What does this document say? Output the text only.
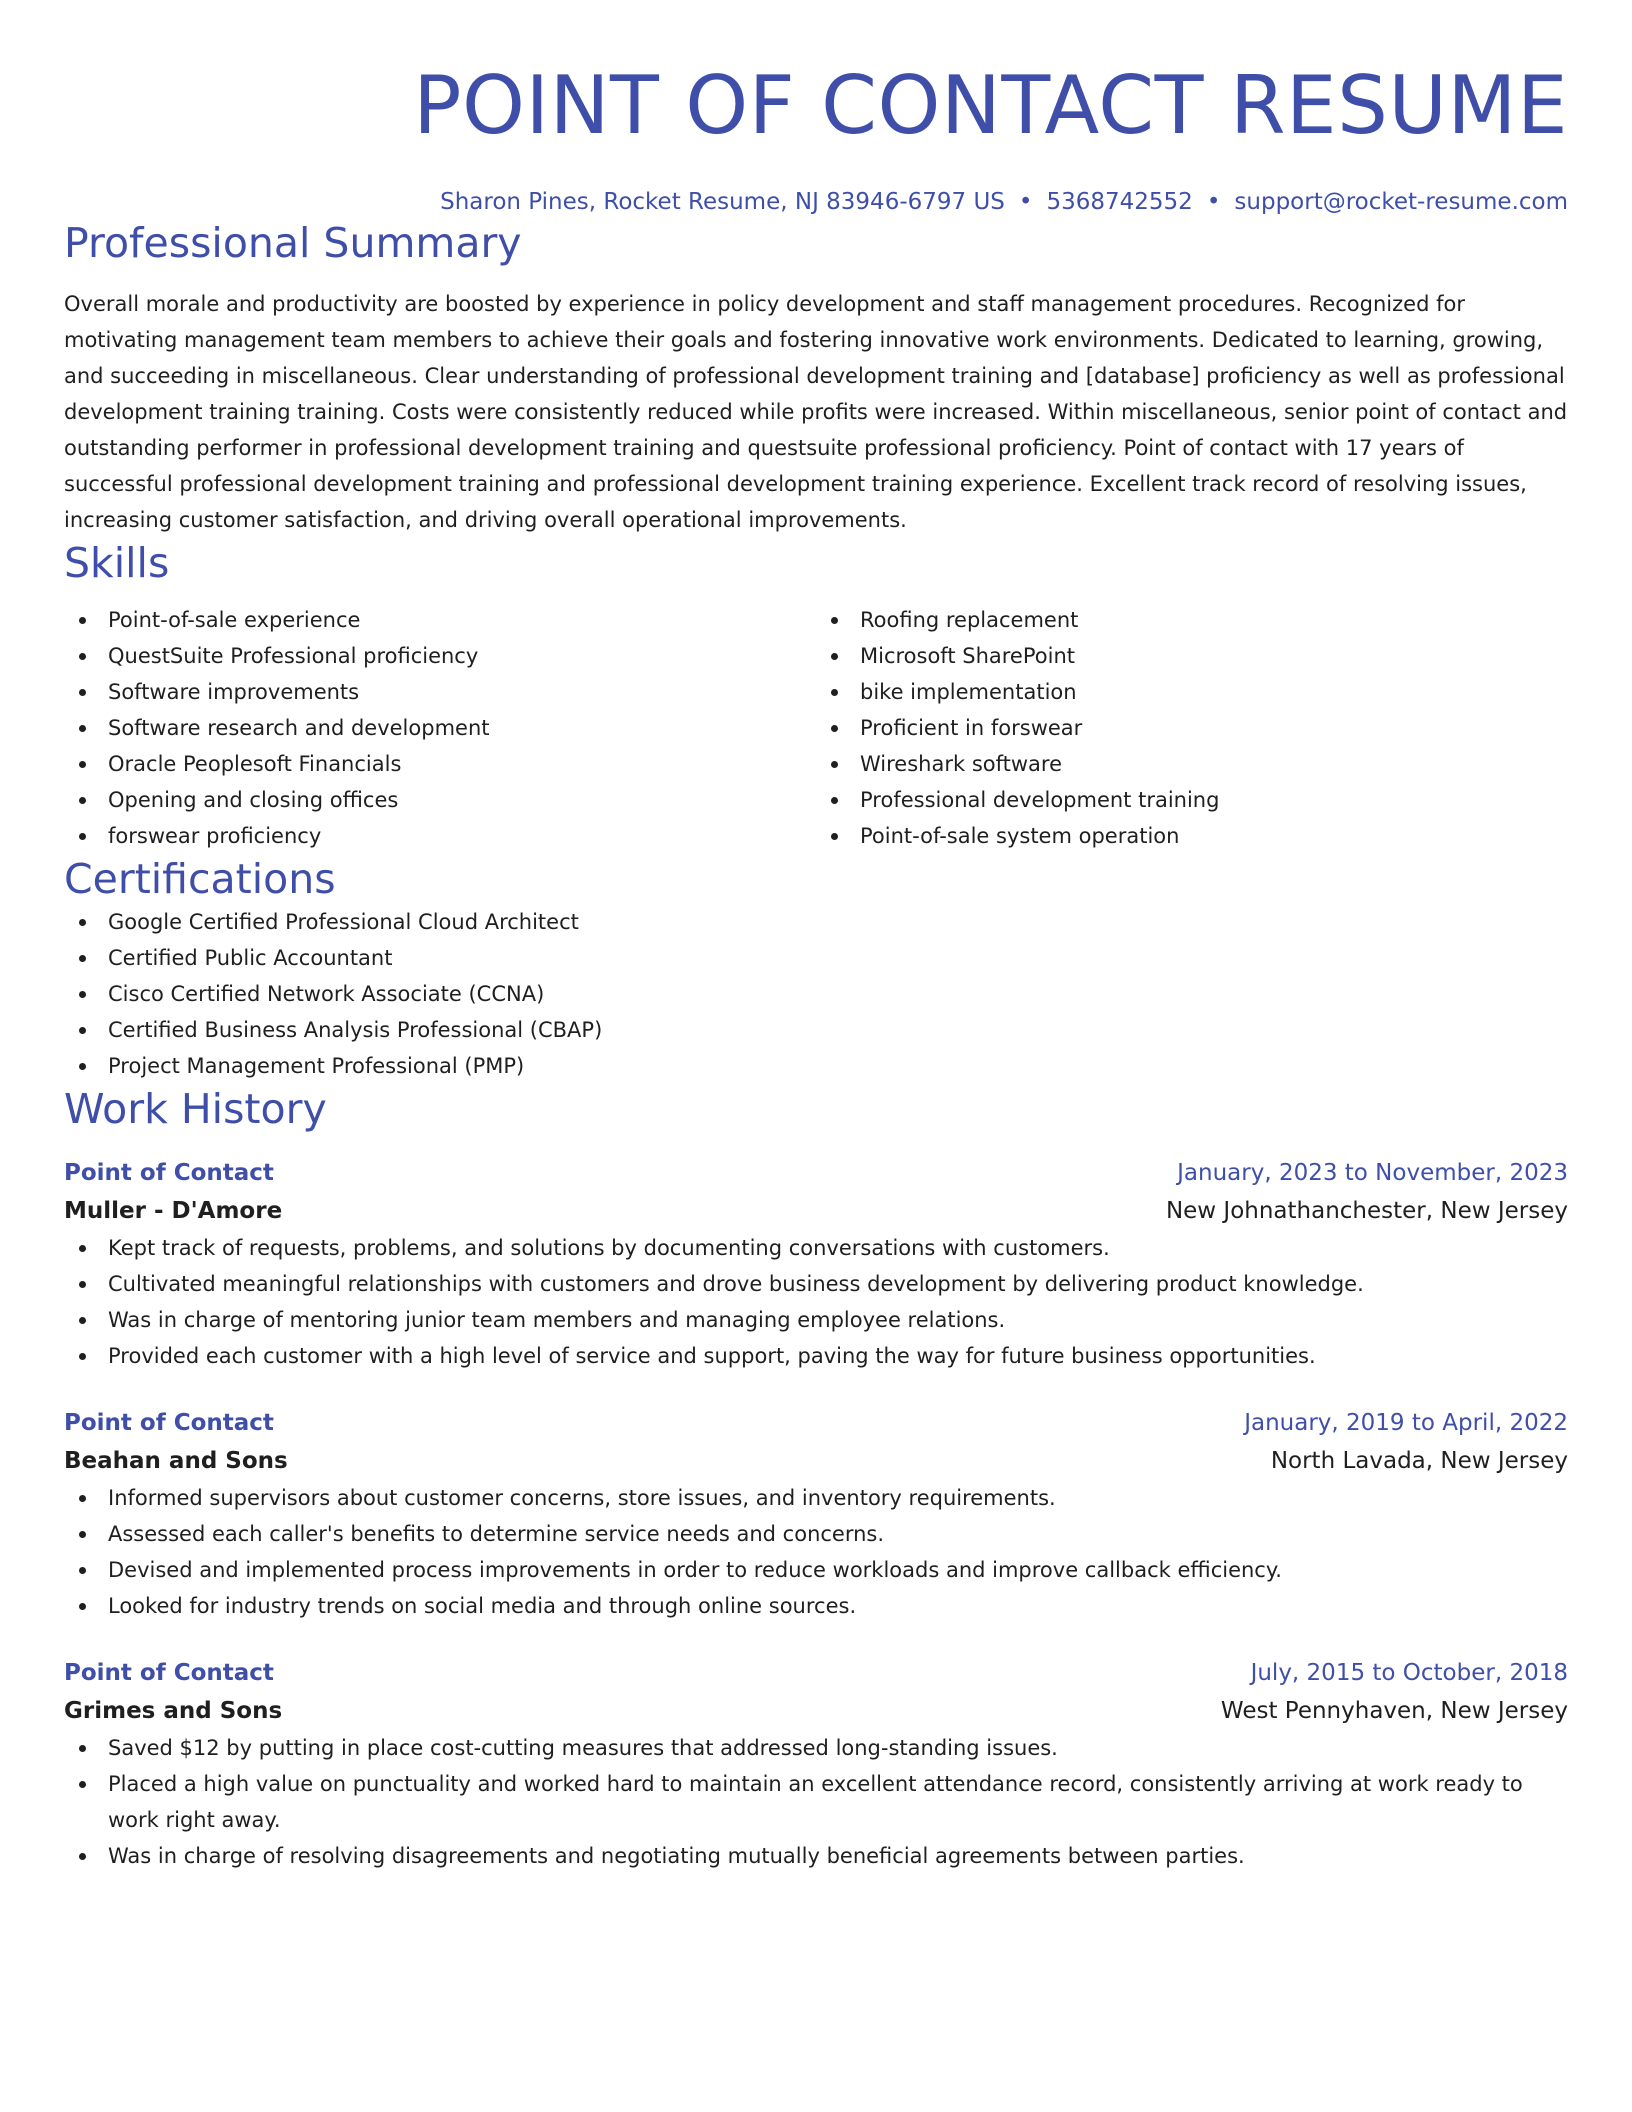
POINT OF CONTACT RESUME
Sharon Pines, Rocket Resume, NJ 83946-6797 US • 5368742552 • support@rocket-resume.com
Professional Summary
Overall morale and productivity are boosted by experience in policy development and staff management procedures. Recognized for motivating management team members to achieve their goals and fostering innovative work environments. Dedicated to learning, growing, and succeeding in miscellaneous. Clear understanding of professional development training and [database] proficiency as well as professional development training training. Costs were consistently reduced while profits were increased. Within miscellaneous, senior point of contact and outstanding performer in professional development training and questsuite professional proficiency. Point of contact with 17 years of successful professional development training and professional development training experience. Excellent track record of resolving issues, increasing customer satisfaction, and driving overall operational improvements.
Skills
Point-of-sale experience
QuestSuite Professional proficiency
Software improvements
Software research and development
Oracle Peoplesoft Financials
Opening and closing offices
forswear proficiency
Roofing replacement
Microsoft SharePoint
bike implementation
Proficient in forswear
Wireshark software
Professional development training
Point-of-sale system operation
Certifications
Google Certified Professional Cloud Architect
Certified Public Accountant
Cisco Certified Network Associate (CCNA)
Certified Business Analysis Professional (CBAP)
Project Management Professional (PMP)
Work History
Point of Contact	January, 2023 to November, 2023
Muller - D'Amore	New Johnathanchester, New Jersey
Kept track of requests, problems, and solutions by documenting conversations with customers.
Cultivated meaningful relationships with customers and drove business development by delivering product knowledge.
Was in charge of mentoring junior team members and managing employee relations.
Provided each customer with a high level of service and support, paving the way for future business opportunities.
Point of Contact	January, 2019 to April, 2022
Beahan and Sons	North Lavada, New Jersey
Informed supervisors about customer concerns, store issues, and inventory requirements.
Assessed each caller's benefits to determine service needs and concerns.
Devised and implemented process improvements in order to reduce workloads and improve callback efficiency.
Looked for industry trends on social media and through online sources.
Point of Contact	July, 2015 to October, 2018
Grimes and Sons	West Pennyhaven, New Jersey
Saved $12 by putting in place cost-cutting measures that addressed long-standing issues.
Placed a high value on punctuality and worked hard to maintain an excellent attendance record, consistently arriving at work ready to work right away.
Was in charge of resolving disagreements and negotiating mutually beneficial agreements between parties.
